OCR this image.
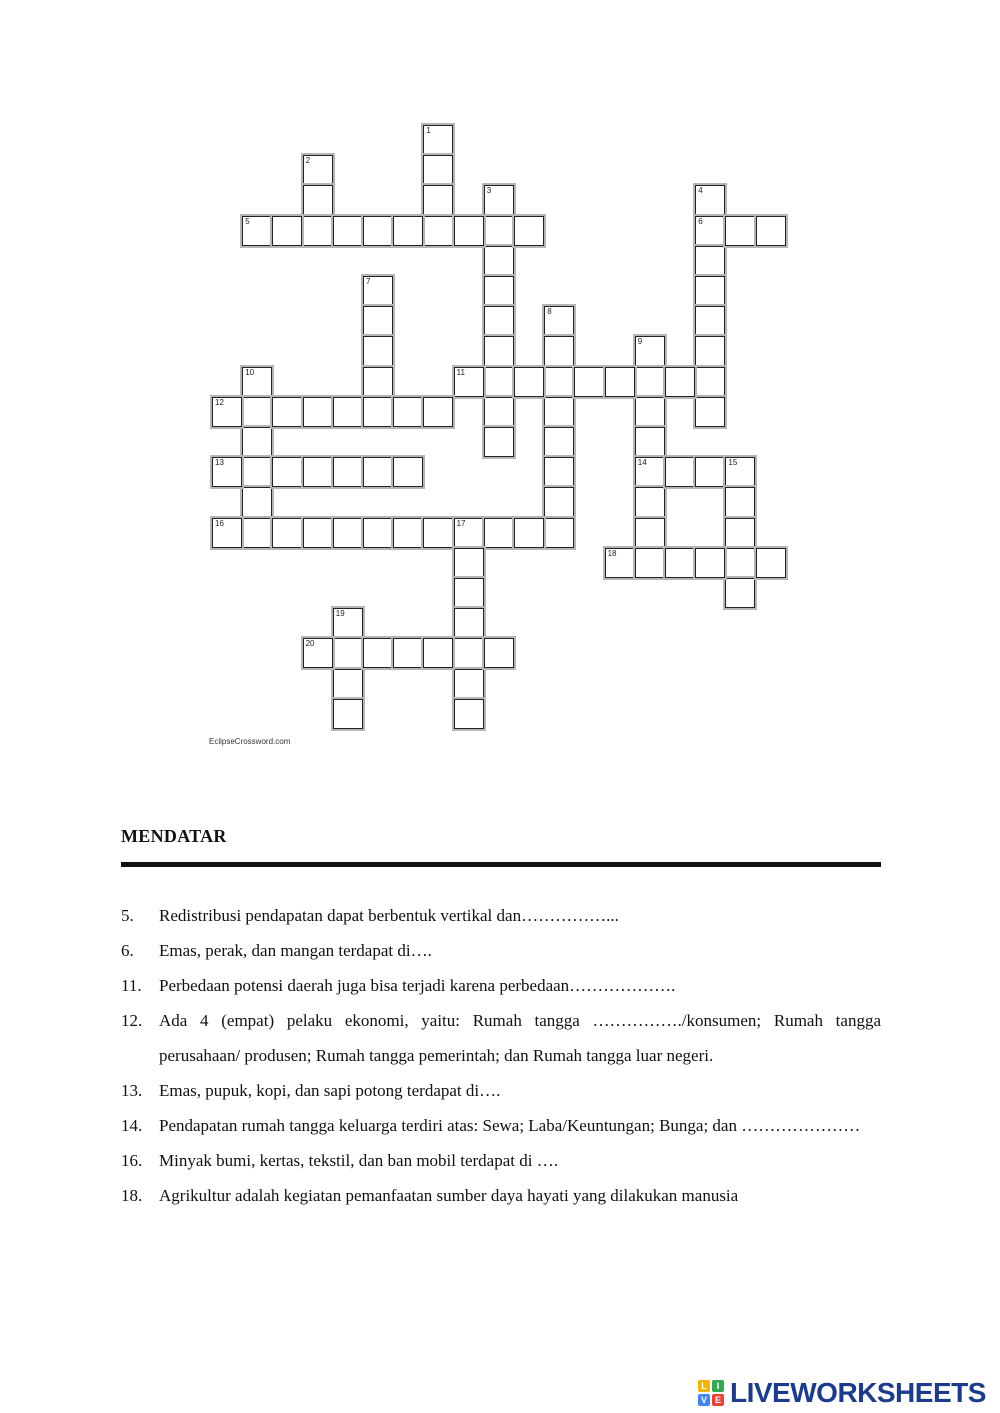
1
2
3	4
6
5
7
8
9
14
10	11
12
13	15
16	17
18
19
20
EclipseCrossword.com
MENDATAR
5.	Redistribusi pendapatan dapat berbentuk vertikal dan……………...
6.	Emas, perak, dan mangan terdapat di….
11.	Perbedaan potensi daerah juga bisa terjadi karena perbedaan……………….
12. Ada 4 (empat) pelaku ekonomi, yaitu: Rumah tangga ……………./konsumen; Rumah tangga perusahaan/ produsen; Rumah tangga pemerintah; dan Rumah tangga luar negeri.
13. Emas, pupuk, kopi, dan sapi potong terdapat di….
14. Pendapatan rumah tangga keluarga terdiri atas: Sewa; Laba/Keuntungan; Bunga; dan …………………
16. Minyak bumi, kertas, tekstil, dan ban mobil terdapat di ….
18. Agrikultur adalah kegiatan pemanfaatan sumber daya hayati yang dilakukan manusia
L	I
V E LIVEWORKSHEETS
